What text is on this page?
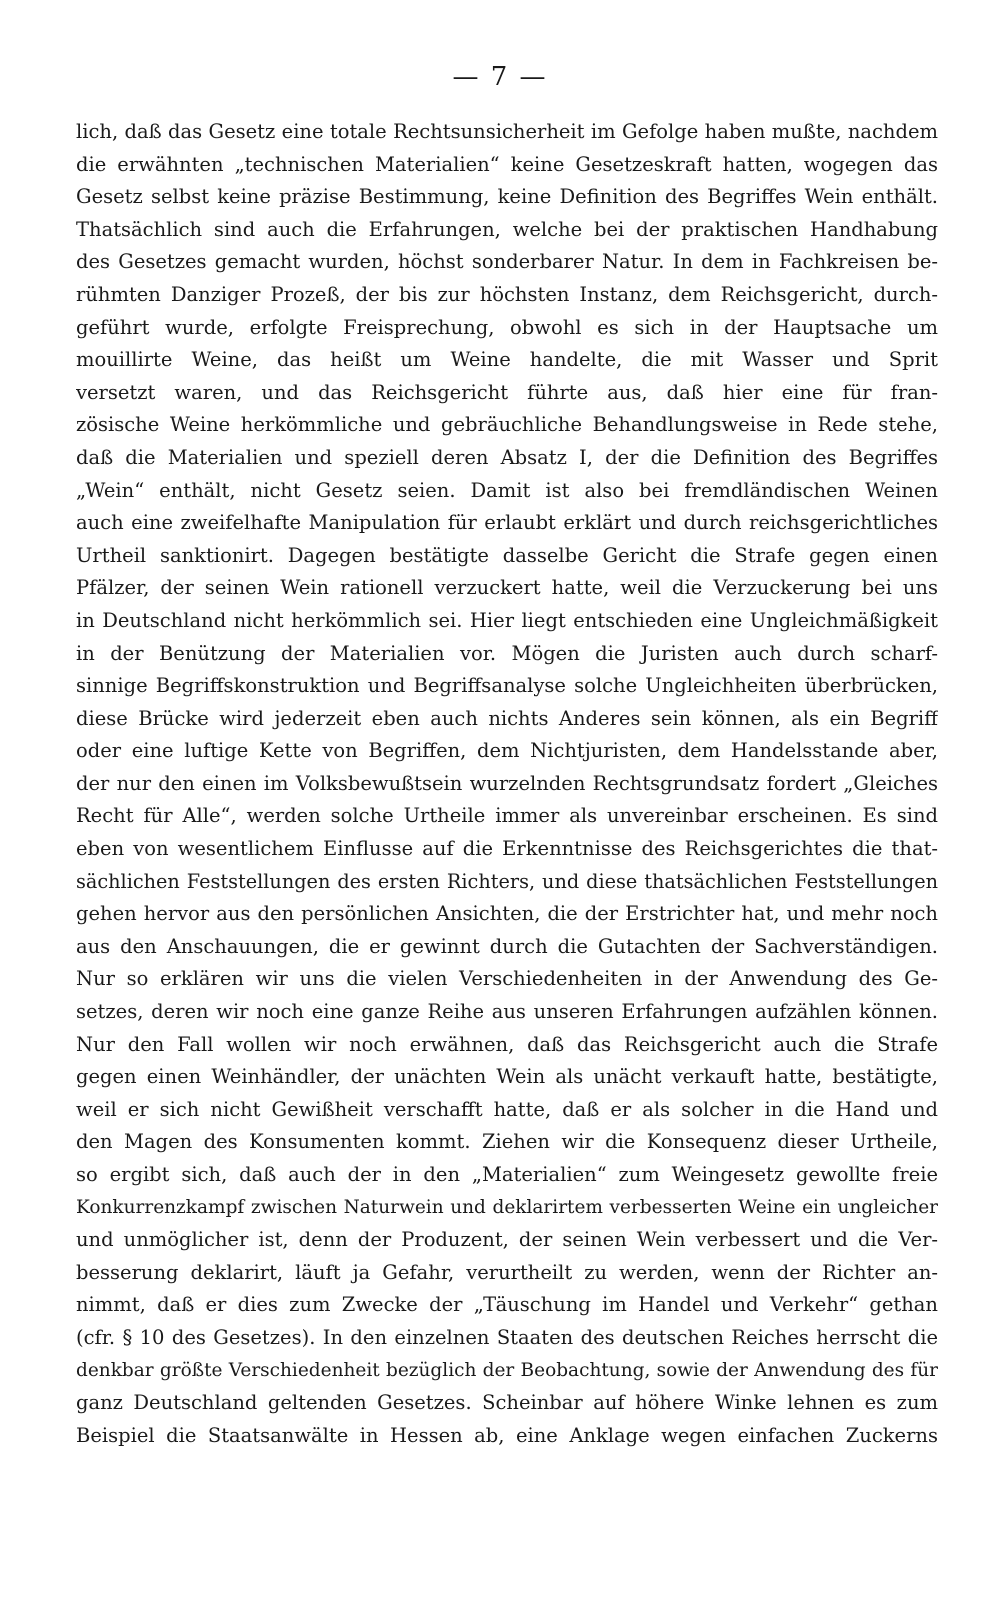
— 7 —
lich, daß das Gesetz eine totale Rechtsunsicherheit im Gefolge haben mußte, nachdem
die erwähnten „technischen Materialien“ keine Gesetzeskraft hatten, wogegen das
Gesetz selbst keine präzise Bestimmung, keine Definition des Begriffes Wein enthält.
Thatsächlich sind auch die Erfahrungen, welche bei der praktischen Handhabung
des Gesetzes gemacht wurden, höchst sonderbarer Natur. In dem in Fachkreisen be-
rühmten Danziger Prozeß, der bis zur höchsten Instanz, dem Reichsgericht, durch-
geführt wurde, erfolgte Freisprechung, obwohl es sich in der Hauptsache um
mouillirte Weine, das heißt um Weine handelte, die mit Wasser und Sprit
versetzt waren, und das Reichsgericht führte aus, daß hier eine für fran-
zösische Weine herkömmliche und gebräuchliche Behandlungsweise in Rede stehe,
daß die Materialien und speziell deren Absatz I, der die Definition des Begriffes
„Wein“ enthält, nicht Gesetz seien. Damit ist also bei fremdländischen Weinen
auch eine zweifelhafte Manipulation für erlaubt erklärt und durch reichsgerichtliches
Urtheil sanktionirt. Dagegen bestätigte dasselbe Gericht die Strafe gegen einen
Pfälzer, der seinen Wein rationell verzuckert hatte, weil die Verzuckerung bei uns
in Deutschland nicht herkömmlich sei. Hier liegt entschieden eine Ungleichmäßigkeit
in der Benützung der Materialien vor. Mögen die Juristen auch durch scharf-
sinnige Begriffskonstruktion und Begriffsanalyse solche Ungleichheiten überbrücken,
diese Brücke wird jederzeit eben auch nichts Anderes sein können, als ein Begriff
oder eine luftige Kette von Begriffen, dem Nichtjuristen, dem Handelsstande aber,
der nur den einen im Volksbewußtsein wurzelnden Rechtsgrundsatz fordert „Gleiches
Recht für Alle“, werden solche Urtheile immer als unvereinbar erscheinen. Es sind
eben von wesentlichem Einflusse auf die Erkenntnisse des Reichsgerichtes die that-
sächlichen Feststellungen des ersten Richters, und diese thatsächlichen Feststellungen
gehen hervor aus den persönlichen Ansichten, die der Erstrichter hat, und mehr noch
aus den Anschauungen, die er gewinnt durch die Gutachten der Sachverständigen.
Nur so erklären wir uns die vielen Verschiedenheiten in der Anwendung des Ge-
setzes, deren wir noch eine ganze Reihe aus unseren Erfahrungen aufzählen können.
Nur den Fall wollen wir noch erwähnen, daß das Reichsgericht auch die Strafe
gegen einen Weinhändler, der unächten Wein als unächt verkauft hatte, bestätigte,
weil er sich nicht Gewißheit verschafft hatte, daß er als solcher in die Hand und
den Magen des Konsumenten kommt. Ziehen wir die Konsequenz dieser Urtheile,
so ergibt sich, daß auch der in den „Materialien“ zum Weingesetz gewollte freie
Konkurrenzkampf zwischen Naturwein und deklarirtem verbesserten Weine ein ungleicher
und unmöglicher ist, denn der Produzent, der seinen Wein verbessert und die Ver-
besserung deklarirt, läuft ja Gefahr, verurtheilt zu werden, wenn der Richter an-
nimmt, daß er dies zum Zwecke der „Täuschung im Handel und Verkehr“ gethan
(cfr. § 10 des Gesetzes). In den einzelnen Staaten des deutschen Reiches herrscht die
denkbar größte Verschiedenheit bezüglich der Beobachtung, sowie der Anwendung des für
ganz Deutschland geltenden Gesetzes. Scheinbar auf höhere Winke lehnen es zum
Beispiel die Staatsanwälte in Hessen ab, eine Anklage wegen einfachen Zuckerns
